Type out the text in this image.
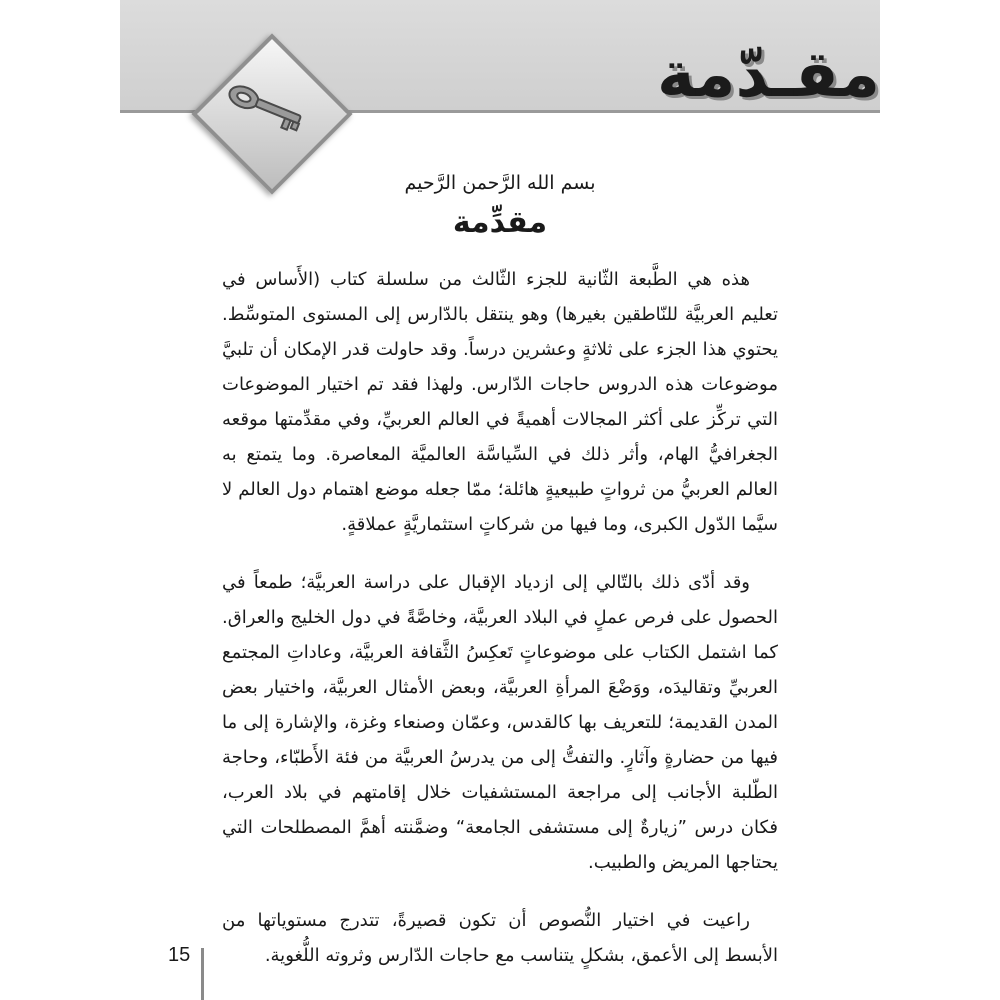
مقـدّمة
بسم الله الرَّحمن الرَّحيم
مقدِّمة

هذه هي الطَّبعة الثّانية للجزء الثّالث من سلسلة كتاب (الأَساس في تعليم العربيَّة للنّاطقين بغيرها) وهو ينتقل بالدّارس إلى المستوى المتوسِّط. يحتوي هذا الجزء على ثلاثةٍ وعشرين درساً. وقد حاولت قدر الإمكان أن تلبيَّ موضوعات هذه الدروس حاجات الدّارس. ولهذا فقد تم اختيار الموضوعات التي تركِّز على أكثر المجالات أهميةً في العالم العربيِّ، وفي مقدِّمتها موقعه الجغرافيُّ الهام، وأثر ذلك في السِّياسَّة العالميَّة المعاصرة. وما يتمتع به العالم العربيُّ من ثرواتٍ طبيعيةٍ هائلة؛ ممّا جعله موضع اهتمام دول العالم لا سيَّما الدّول الكبرى، وما فيها من شركاتٍ استثماريَّةٍ عملاقةٍ.

وقد أدّى ذلك بالتّالي إلى ازدياد الإقبال على دراسة العربيَّة؛ طمعاً في الحصول على فرص عملٍ في البلاد العربيَّة، وخاصَّةً في دول الخليج والعراق. كما اشتمل الكتاب على موضوعاتٍ تَعكِسُ الثَّقافة العربيَّة، وعاداتِ المجتمع العربيِّ وتقاليدَه، ووَضْعَ المرأةِ العربيَّة، وبعض الأمثال العربيَّة، واختيار بعض المدن القديمة؛ للتعريف بها كالقدس، وعمّان وصنعاء وغزة، والإشارة إلى ما فيها من حضارةٍ وآثارٍ. والتفتُّ إلى من يدرسُ العربيَّة من فئة الأَطبّاء، وحاجة الطّلبة الأجانب إلى مراجعة المستشفيات خلال إقامتهم في بلاد العرب، فكان درس ”زيارةٌ إلى مستشفى الجامعة“ وضمَّنته أهمَّ المصطلحات التي يحتاجها المريض والطبيب.

راعيت في اختيار النُّصوص أن تكون قصيرةً، تتدرج مستوياتها من الأبسط إلى الأعمق، بشكلٍ يتناسب مع حاجات الدّارس وثروته اللُّغوية.

15
